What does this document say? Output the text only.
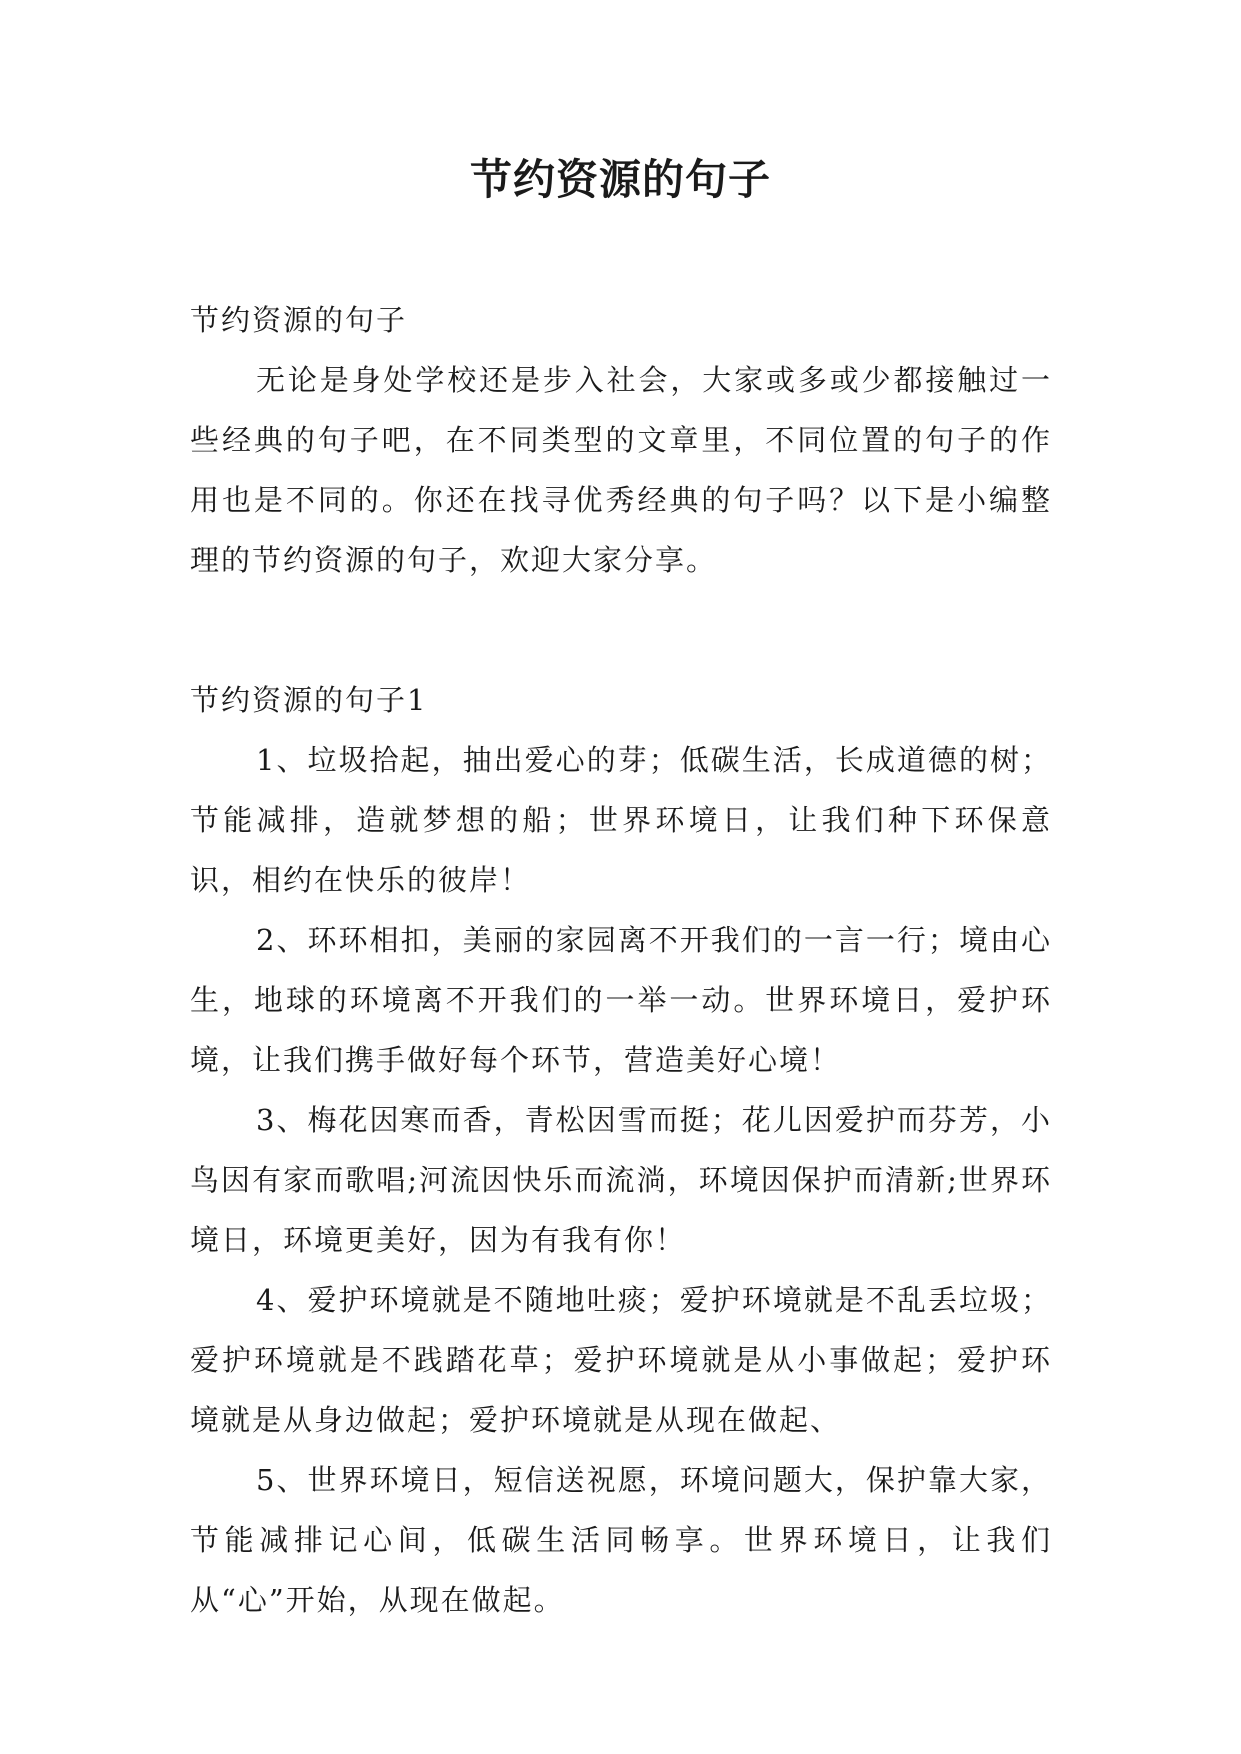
节约资源的句子

节约资源的句子

无论是身处学校还是步入社会，大家或多或少都接触过一些经典的句子吧，在不同类型的文章里，不同位置的句子的作用也是不同的。你还在找寻优秀经典的句子吗？以下是小编整理的节约资源的句子，欢迎大家分享。

节约资源的句子1

1、垃圾拾起，抽出爱心的芽；低碳生活，长成道德的树；节能减排，造就梦想的船；世界环境日，让我们种下环保意识，相约在快乐的彼岸！

2、环环相扣，美丽的家园离不开我们的一言一行；境由心生，地球的环境离不开我们的一举一动。世界环境日，爱护环境，让我们携手做好每个环节，营造美好心境！

3、梅花因寒而香，青松因雪而挺；花儿因爱护而芬芳，小鸟因有家而歌唱;河流因快乐而流淌，环境因保护而清新;世界环境日，环境更美好，因为有我有你！

4、爱护环境就是不随地吐痰；爱护环境就是不乱丢垃圾；爱护环境就是不践踏花草；爱护环境就是从小事做起；爱护环境就是从身边做起；爱护环境就是从现在做起、

5、世界环境日，短信送祝愿，环境问题大，保护靠大家，节能减排记心间，低碳生活同畅享。世界环境日，让我们从“心”开始，从现在做起。
